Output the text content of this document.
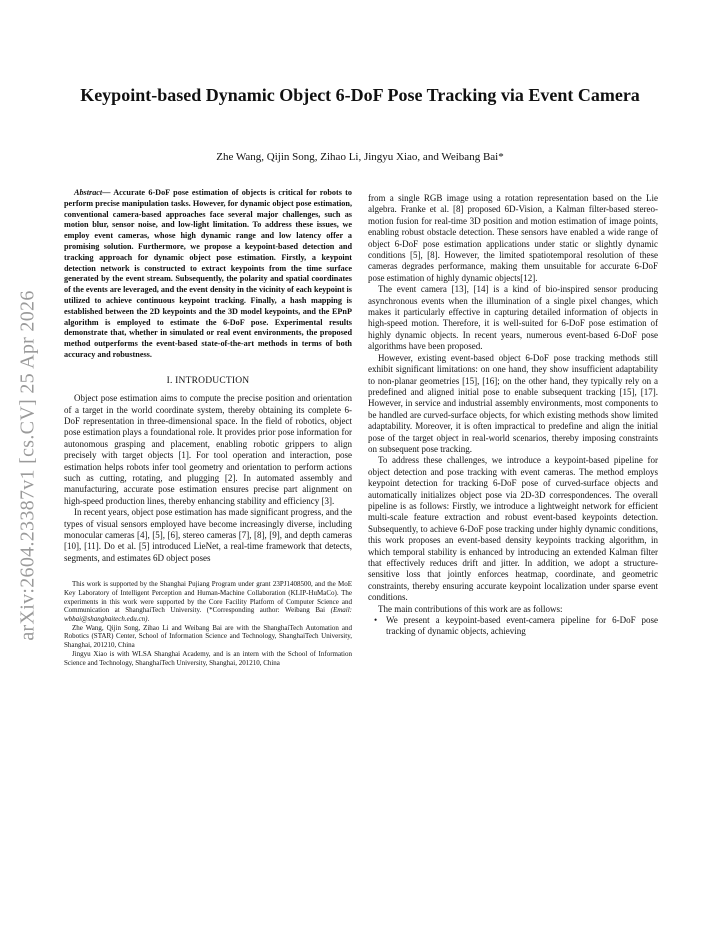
arXiv:2604.23387v1 [cs.CV] 25 Apr 2026
Keypoint-based Dynamic Object 6-DoF Pose Tracking via Event Camera
Zhe Wang, Qijin Song, Zihao Li, Jingyu Xiao, and Weibang Bai*

Abstract— Accurate 6-DoF pose estimation of objects is critical for robots to perform precise manipulation tasks. However, for dynamic object pose estimation, conventional camera-based approaches face several major challenges, such as motion blur, sensor noise, and low-light limitation. To address these issues, we employ event cameras, whose high dynamic range and low latency offer a promising solution. Furthermore, we propose a keypoint-based detection and tracking approach for dynamic object pose estimation. Firstly, a keypoint detection network is constructed to extract keypoints from the time surface generated by the event stream. Subsequently, the polarity and spatial coordinates of the events are leveraged, and the event density in the vicinity of each keypoint is utilized to achieve continuous keypoint tracking. Finally, a hash mapping is established between the 2D keypoints and the 3D model keypoints, and the EPnP algorithm is employed to estimate the 6-DoF pose. Experimental results demonstrate that, whether in simulated or real event environments, the proposed method outperforms the event-based state-of-the-art methods in terms of both accuracy and robustness.

I. INTRODUCTION

Object pose estimation aims to compute the precise position and orientation of a target in the world coordinate system, thereby obtaining its complete 6-DoF representation in three-dimensional space. In the field of robotics, object pose estimation plays a foundational role. It provides prior pose information for autonomous grasping and placement, enabling robotic grippers to align precisely with target objects [1]. For tool operation and interaction, pose estimation helps robots infer tool geometry and orientation to perform actions such as cutting, rotating, and plugging [2]. In automated assembly and manufacturing, accurate pose estimation ensures precise part alignment on high-speed production lines, thereby enhancing stability and efficiency [3].

In recent years, object pose estimation has made significant progress, and the types of visual sensors employed have become increasingly diverse, including monocular cameras [4], [5], [6], stereo cameras [7], [8], [9], and depth cameras [10], [11]. Do et al. [5] introduced LieNet, a real-time framework that detects, segments, and estimates 6D object poses

This work is supported by the Shanghai Pujiang Program under grant 23PJ1408500, and the MoE Key Laboratory of Intelligent Perception and Human-Machine Collaboration (KLIP-HuMaCo). The experiments in this work were supported by the Core Facility Platform of Computer Science and Communication at ShanghaiTech University. (*Corresponding author: Weibang Bai (Email: wbbai@shanghaitech.edu.cn).

Zhe Wang, Qijin Song, Zihao Li and Weibang Bai are with the ShanghaiTech Automation and Robotics (STAR) Center, School of Information Science and Technology, ShanghaiTech University, Shanghai, 201210, China

Jingyu Xiao is with WLSA Shanghai Academy, and is an intern with the School of Information Science and Technology, ShanghaiTech University, Shanghai, 201210, China

from a single RGB image using a rotation representation based on the Lie algebra. Franke et al. [8] proposed 6D-Vision, a Kalman filter-based stereo-motion fusion for real-time 3D position and motion estimation of image points, enabling robust obstacle detection. These sensors have enabled a wide range of object 6-DoF pose estimation applications under static or slightly dynamic conditions [5], [8]. However, the limited spatiotemporal resolution of these cameras degrades performance, making them unsuitable for accurate 6-DoF pose estimation of highly dynamic objects[12].

The event camera [13], [14] is a kind of bio-inspired sensor producing asynchronous events when the illumination of a single pixel changes, which makes it particularly effective in capturing detailed information of objects in high-speed motion. Therefore, it is well-suited for 6-DoF pose estimation of highly dynamic objects. In recent years, numerous event-based 6-DoF pose algorithms have been proposed.

However, existing event-based object 6-DoF pose tracking methods still exhibit significant limitations: on one hand, they show insufficient adaptability to non-planar geometries [15], [16]; on the other hand, they typically rely on a predefined and aligned initial pose to enable subsequent tracking [15], [17]. However, in service and industrial assembly environments, most components to be handled are curved-surface objects, for which existing methods show limited adaptability. Moreover, it is often impractical to predefine and align the initial pose of the target object in real-world scenarios, thereby imposing constraints on subsequent pose tracking.

To address these challenges, we introduce a keypoint-based pipeline for object detection and pose tracking with event cameras. The method employs keypoint detection for tracking 6-DoF pose of curved-surface objects and automatically initializes object pose via 2D-3D correspondences. The overall pipeline is as follows: Firstly, we introduce a lightweight network for efficient multi-scale feature extraction and robust event-based keypoints detection. Subsequently, to achieve 6-DoF pose tracking under highly dynamic conditions, this work proposes an event-based density keypoints tracking algorithm, in which temporal stability is enhanced by introducing an extended Kalman filter that effectively reduces drift and jitter. In addition, we adopt a structure-sensitive loss that jointly enforces heatmap, coordinate, and geometric constraints, thereby ensuring accurate keypoint localization under sparse event conditions.

The main contributions of this work are as follows:

• We present a keypoint-based event-camera pipeline for 6-DoF pose tracking of dynamic objects, achieving
